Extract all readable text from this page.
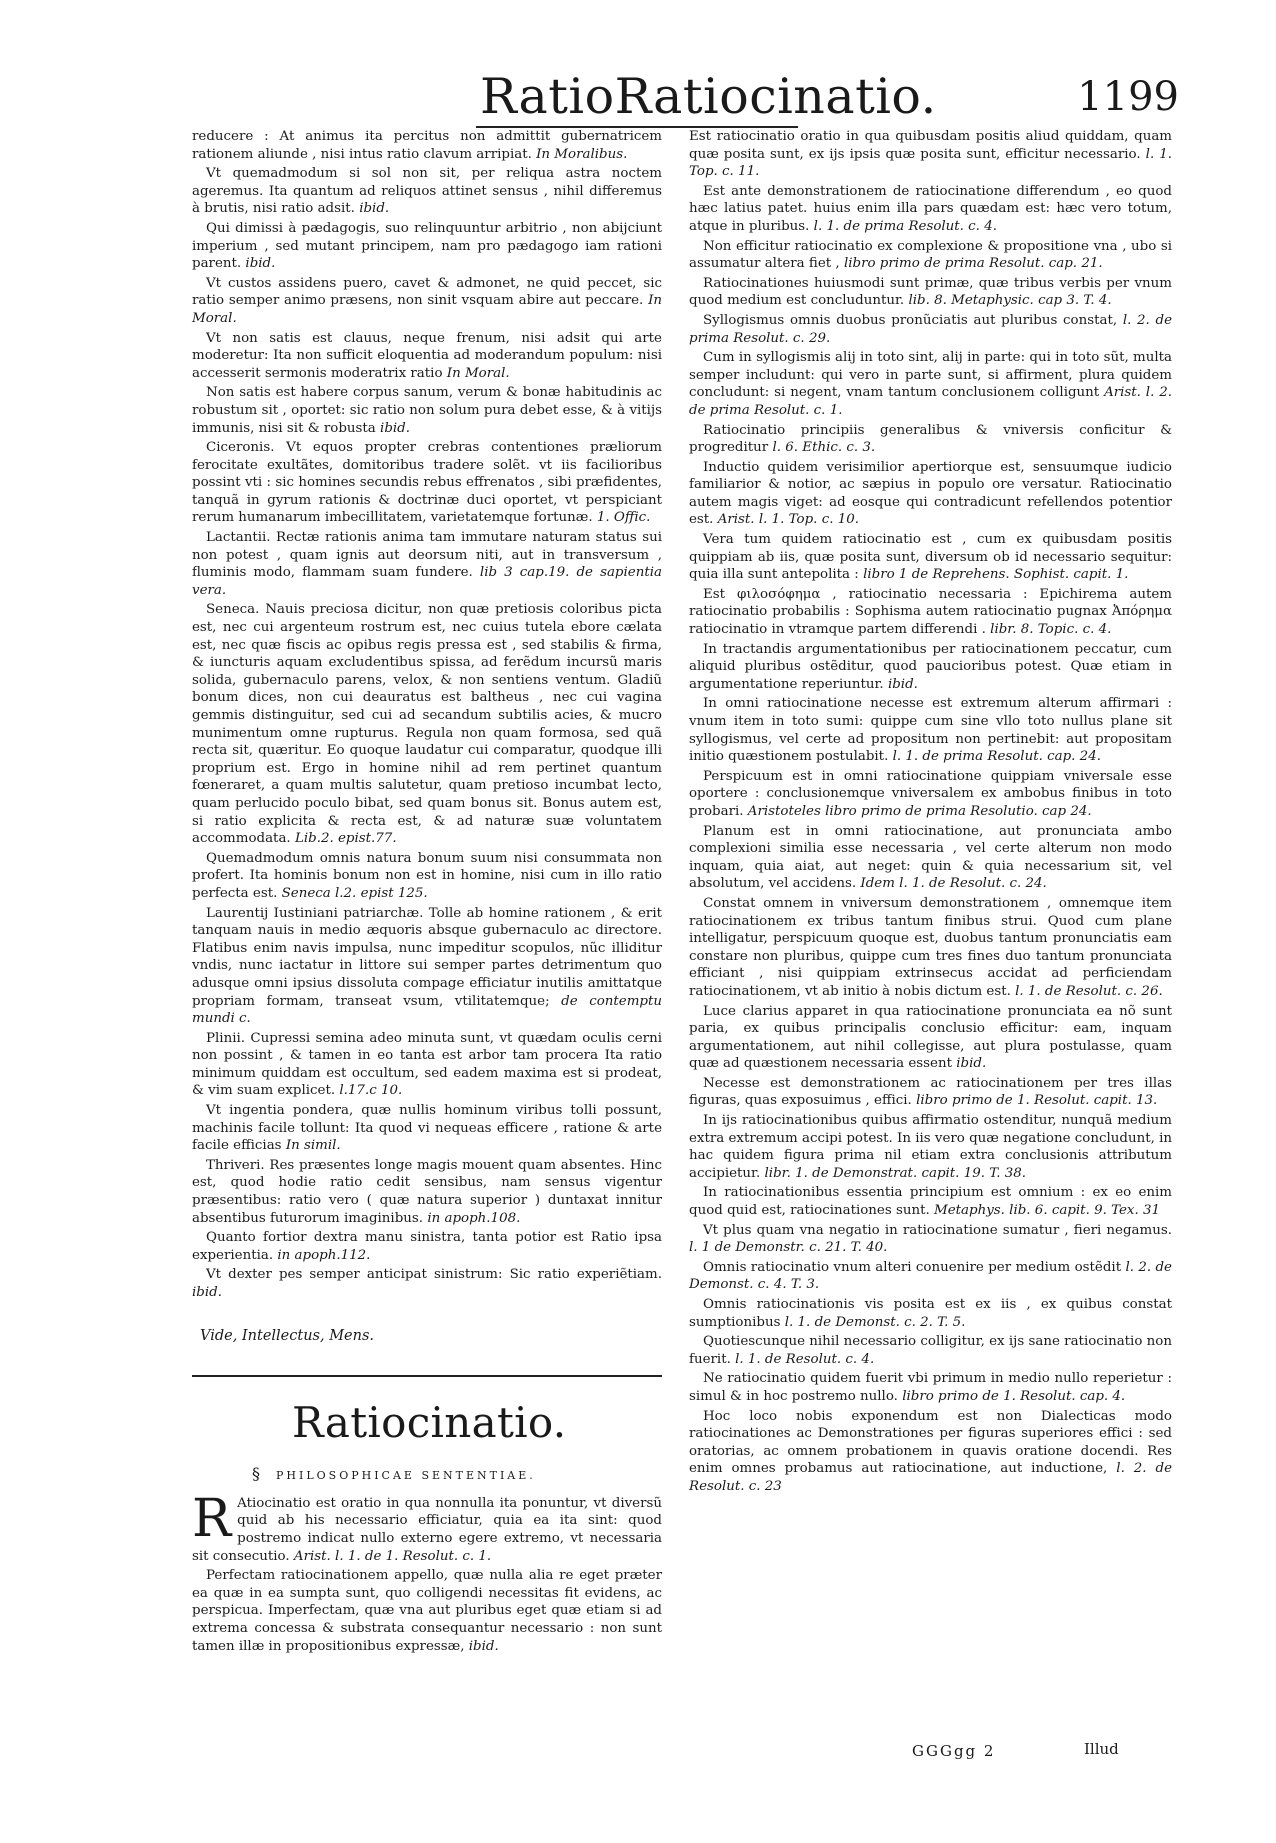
RatioRatiocinatio.	1199

reducere : At animus ita percitus non admittit gubernatricem rationem aliunde , nisi intus ratio clavum arripiat. In Moralibus.

Vt quemadmodum si sol non sit, per reliqua astra noctem ageremus. Ita quantum ad reliquos attinet sensus , nihil differemus à brutis, nisi ratio adsit. ibid.

Qui dimissi à pædagogis, suo relinquuntur arbitrio , non abijciunt imperium , sed mutant principem, nam pro pædagogo iam rationi parent. ibid.

Vt custos assidens puero, cavet & admonet, ne quid peccet, sic ratio semper animo præsens, non sinit vsquam abire aut peccare. In Moral.

Vt non satis est clauus, neque frenum, nisi adsit qui arte moderetur: Ita non sufficit eloquentia ad moderandum populum: nisi accesserit sermonis moderatrix ratio In Moral.

Non satis est habere corpus sanum, verum & bonæ habitudinis ac robustum sit , oportet: sic ratio non solum pura debet esse, & à vitijs immunis, nisi sit & robusta ibid.

Ciceronis. Vt equos propter crebras contentiones præliorum ferocitate exultãtes, domitoribus tradere solẽt. vt iis facilioribus possint vti : sic homines secundis rebus effrenatos , sibi præfidentes, tanquã in gyrum rationis & doctrinæ duci oportet, vt perspiciant rerum humanarum imbecillitatem, varietatemque fortunæ. 1. Offic.

Lactantii. Rectæ rationis anima tam immutare naturam status sui non potest , quam ignis aut deorsum niti, aut in transversum , fluminis modo, flammam suam fundere. lib 3 cap.19. de sapientia vera.

Seneca. Nauis preciosa dicitur, non quæ pretiosis coloribus picta est, nec cui argenteum rostrum est, nec cuius tutela ebore cælata est, nec quæ fiscis ac opibus regis pressa est , sed stabilis & firma, & iuncturis aquam excludentibus spissa, ad ferẽdum incursũ maris solida, gubernaculo parens, velox, & non sentiens ventum. Gladiũ bonum dices, non cui deauratus est baltheus , nec cui vagina gemmis distinguitur, sed cui ad secandum subtilis acies, & mucro munimentum omne rupturus. Regula non quam formosa, sed quã recta sit, quæritur. Eo quoque laudatur cui comparatur, quodque illi proprium est. Ergo in homine nihil ad rem pertinet quantum fœneraret, a quam multis salutetur, quam pretioso incumbat lecto, quam perlucido poculo bibat, sed quam bonus sit. Bonus autem est, si ratio explicita & recta est, & ad naturæ suæ voluntatem accommodata. Lib.2. epist.77.

Quemadmodum omnis natura bonum suum nisi consummata non profert. Ita hominis bonum non est in homine, nisi cum in illo ratio perfecta est. Seneca l.2. epist 125.

Laurentij Iustiniani patriarchæ. Tolle ab homine rationem , & erit tanquam nauis in medio æquoris absque gubernaculo ac directore. Flatibus enim navis impulsa, nunc impeditur scopulos, nũc illiditur vndis, nunc iactatur in littore sui semper partes detrimentum quo adusque omni ipsius dissoluta compage efficiatur inutilis amittatque propriam formam, transeat vsum, vtilitatemque; de contemptu mundi c.

Plinii. Cupressi semina adeo minuta sunt, vt quædam oculis cerni non possint , & tamen in eo tanta est arbor tam procera Ita ratio minimum quiddam est occultum, sed eadem maxima est si prodeat, & vim suam explicet. l.17.c 10.

Vt ingentia pondera, quæ nullis hominum viribus tolli possunt, machinis facile tollunt: Ita quod vi nequeas efficere , ratione & arte facile efficias In simil.

Thriveri. Res præsentes longe magis mouent quam absentes. Hinc est, quod hodie ratio cedit sensibus, nam sensus vigentur præsentibus: ratio vero ( quæ natura superior ) duntaxat innitur absentibus futurorum imaginibus. in apoph.108.

Quanto fortior dextra manu sinistra, tanta potior est Ratio ipsa experientia. in apoph.112.

Vt dexter pes semper anticipat sinistrum: Sic ratio experiẽtiam. ibid.

Vide, Intellectus, Mens.
Ratiocinatio.
§ PHILOSOPHICAE SENTENTIAE.

R Atiocinatio est oratio in qua nonnulla ita ponuntur, vt diversũ quid ab his necessario efficiatur, quia ea ita sint: quod postremo indicat nullo externo egere extremo, vt necessaria sit consecutio. Arist. l. 1. de 1. Resolut. c. 1.

Perfectam ratiocinationem appello, quæ nulla alia re eget præter ea quæ in ea sumpta sunt, quo colligendi necessitas fit evidens, ac perspicua. Imperfectam, quæ vna aut pluribus eget quæ etiam si ad extrema concessa & substrata consequantur necessario : non sunt tamen illæ in propositionibus expressæ, ibid.

Est ratiocinatio oratio in qua quibusdam positis aliud quiddam, quam quæ posita sunt, ex ijs ipsis quæ posita sunt, efficitur necessario. l. 1. Top. c. 11.

Est ante demonstrationem de ratiocinatione differendum , eo quod hæc latius patet. huius enim illa pars quædam est: hæc vero totum, atque in pluribus. l. 1. de prima Resolut. c. 4.

Non efficitur ratiocinatio ex complexione & propositione vna , ubo si assumatur altera fiet , libro primo de prima Resolut. cap. 21.

Ratiocinationes huiusmodi sunt primæ, quæ tribus verbis per vnum quod medium est concluduntur. lib. 8. Metaphysic. cap 3. T. 4.

Syllogismus omnis duobus pronũciatis aut pluribus constat, l. 2. de prima Resolut. c. 29.

Cum in syllogismis alij in toto sint, alij in parte: qui in toto sũt, multa semper includunt: qui vero in parte sunt, si affirment, plura quidem concludunt: si negent, vnam tantum conclusionem colligunt Arist. l. 2. de prima Resolut. c. 1.

Ratiocinatio principiis generalibus & vniversis conficitur & progreditur l. 6. Ethic. c. 3.

Inductio quidem verisimilior apertiorque est, sensuumque iudicio familiarior & notior, ac sæpius in populo ore versatur. Ratiocinatio autem magis viget: ad eosque qui contradicunt refellendos potentior est. Arist. l. 1. Top. c. 10.

Vera tum quidem ratiocinatio est , cum ex quibusdam positis quippiam ab iis, quæ posita sunt, diversum ob id necessario sequitur: quia illa sunt antepolita : libro 1 de Reprehens. Sophist. capit. 1.

Est φιλοσόφημα , ratiocinatio necessaria : Epichirema autem ratiocinatio probabilis : Sophisma autem ratiocinatio pugnax Ἀπόρημα ratiocinatio in vtramque partem differendi . libr. 8. Topic. c. 4.

In tractandis argumentationibus per ratiocinationem peccatur, cum aliquid pluribus ostẽditur, quod paucioribus potest. Quæ etiam in argumentatione reperiuntur. ibid.

In omni ratiocinatione necesse est extremum alterum affirmari : vnum item in toto sumi: quippe cum sine vllo toto nullus plane sit syllogismus, vel certe ad propositum non pertinebit: aut propositam initio quæstionem postulabit. l. 1. de prima Resolut. cap. 24.

Perspicuum est in omni ratiocinatione quippiam vniversale esse oportere : conclusionemque vniversalem ex ambobus finibus in toto probari. Aristoteles libro primo de prima Resolutio. cap 24.

Planum est in omni ratiocinatione, aut pronunciata ambo complexioni similia esse necessaria , vel certe alterum non modo inquam, quia aiat, aut neget: quin & quia necessarium sit, vel absolutum, vel accidens. Idem l. 1. de Resolut. c. 24.

Constat omnem in vniversum demonstrationem , omnemque item ratiocinationem ex tribus tantum finibus strui. Quod cum plane intelligatur, perspicuum quoque est, duobus tantum pronunciatis eam constare non pluribus, quippe cum tres fines duo tantum pronunciata efficiant , nisi quippiam extrinsecus accidat ad perficiendam ratiocinationem, vt ab initio à nobis dictum est. l. 1. de Resolut. c. 26.

Luce clarius apparet in qua ratiocinatione pronunciata ea nõ sunt paria, ex quibus principalis conclusio efficitur: eam, inquam argumentationem, aut nihil collegisse, aut plura postulasse, quam quæ ad quæstionem necessaria essent ibid.

Necesse est demonstrationem ac ratiocinationem per tres illas figuras, quas exposuimus , effici. libro primo de 1. Resolut. capit. 13.

In ijs ratiocinationibus quibus affirmatio ostenditur, nunquã medium extra extremum accipi potest. In iis vero quæ negatione concludunt, in hac quidem figura prima nil etiam extra conclusionis attributum accipietur. libr. 1. de Demonstrat. capit. 19. T. 38.

In ratiocinationibus essentia principium est omnium : ex eo enim quod quid est, ratiocinationes sunt. Metaphys. lib. 6. capit. 9. Tex. 31

Vt plus quam vna negatio in ratiocinatione sumatur , fieri negamus. l. 1 de Demonstr. c. 21. T. 40.

Omnis ratiocinatio vnum alteri conuenire per medium ostẽdit l. 2. de Demonst. c. 4. T. 3.

Omnis ratiocinationis vis posita est ex iis , ex quibus constat sumptionibus l. 1. de Demonst. c. 2. T. 5.

Quotiescunque nihil necessario colligitur, ex ijs sane ratiocinatio non fuerit. l. 1. de Resolut. c. 4.

Ne ratiocinatio quidem fuerit vbi primum in medio nullo reperietur : simul & in hoc postremo nullo. libro primo de 1. Resolut. cap. 4.

Hoc loco nobis exponendum est non Dialecticas modo ratiocinationes ac Demonstrationes per figuras superiores effici : sed oratorias, ac omnem probationem in quavis oratione docendi. Res enim omnes probamus aut ratiocinatione, aut inductione, l. 2. de Resolut. c. 23

GGGgg 2	Illud
